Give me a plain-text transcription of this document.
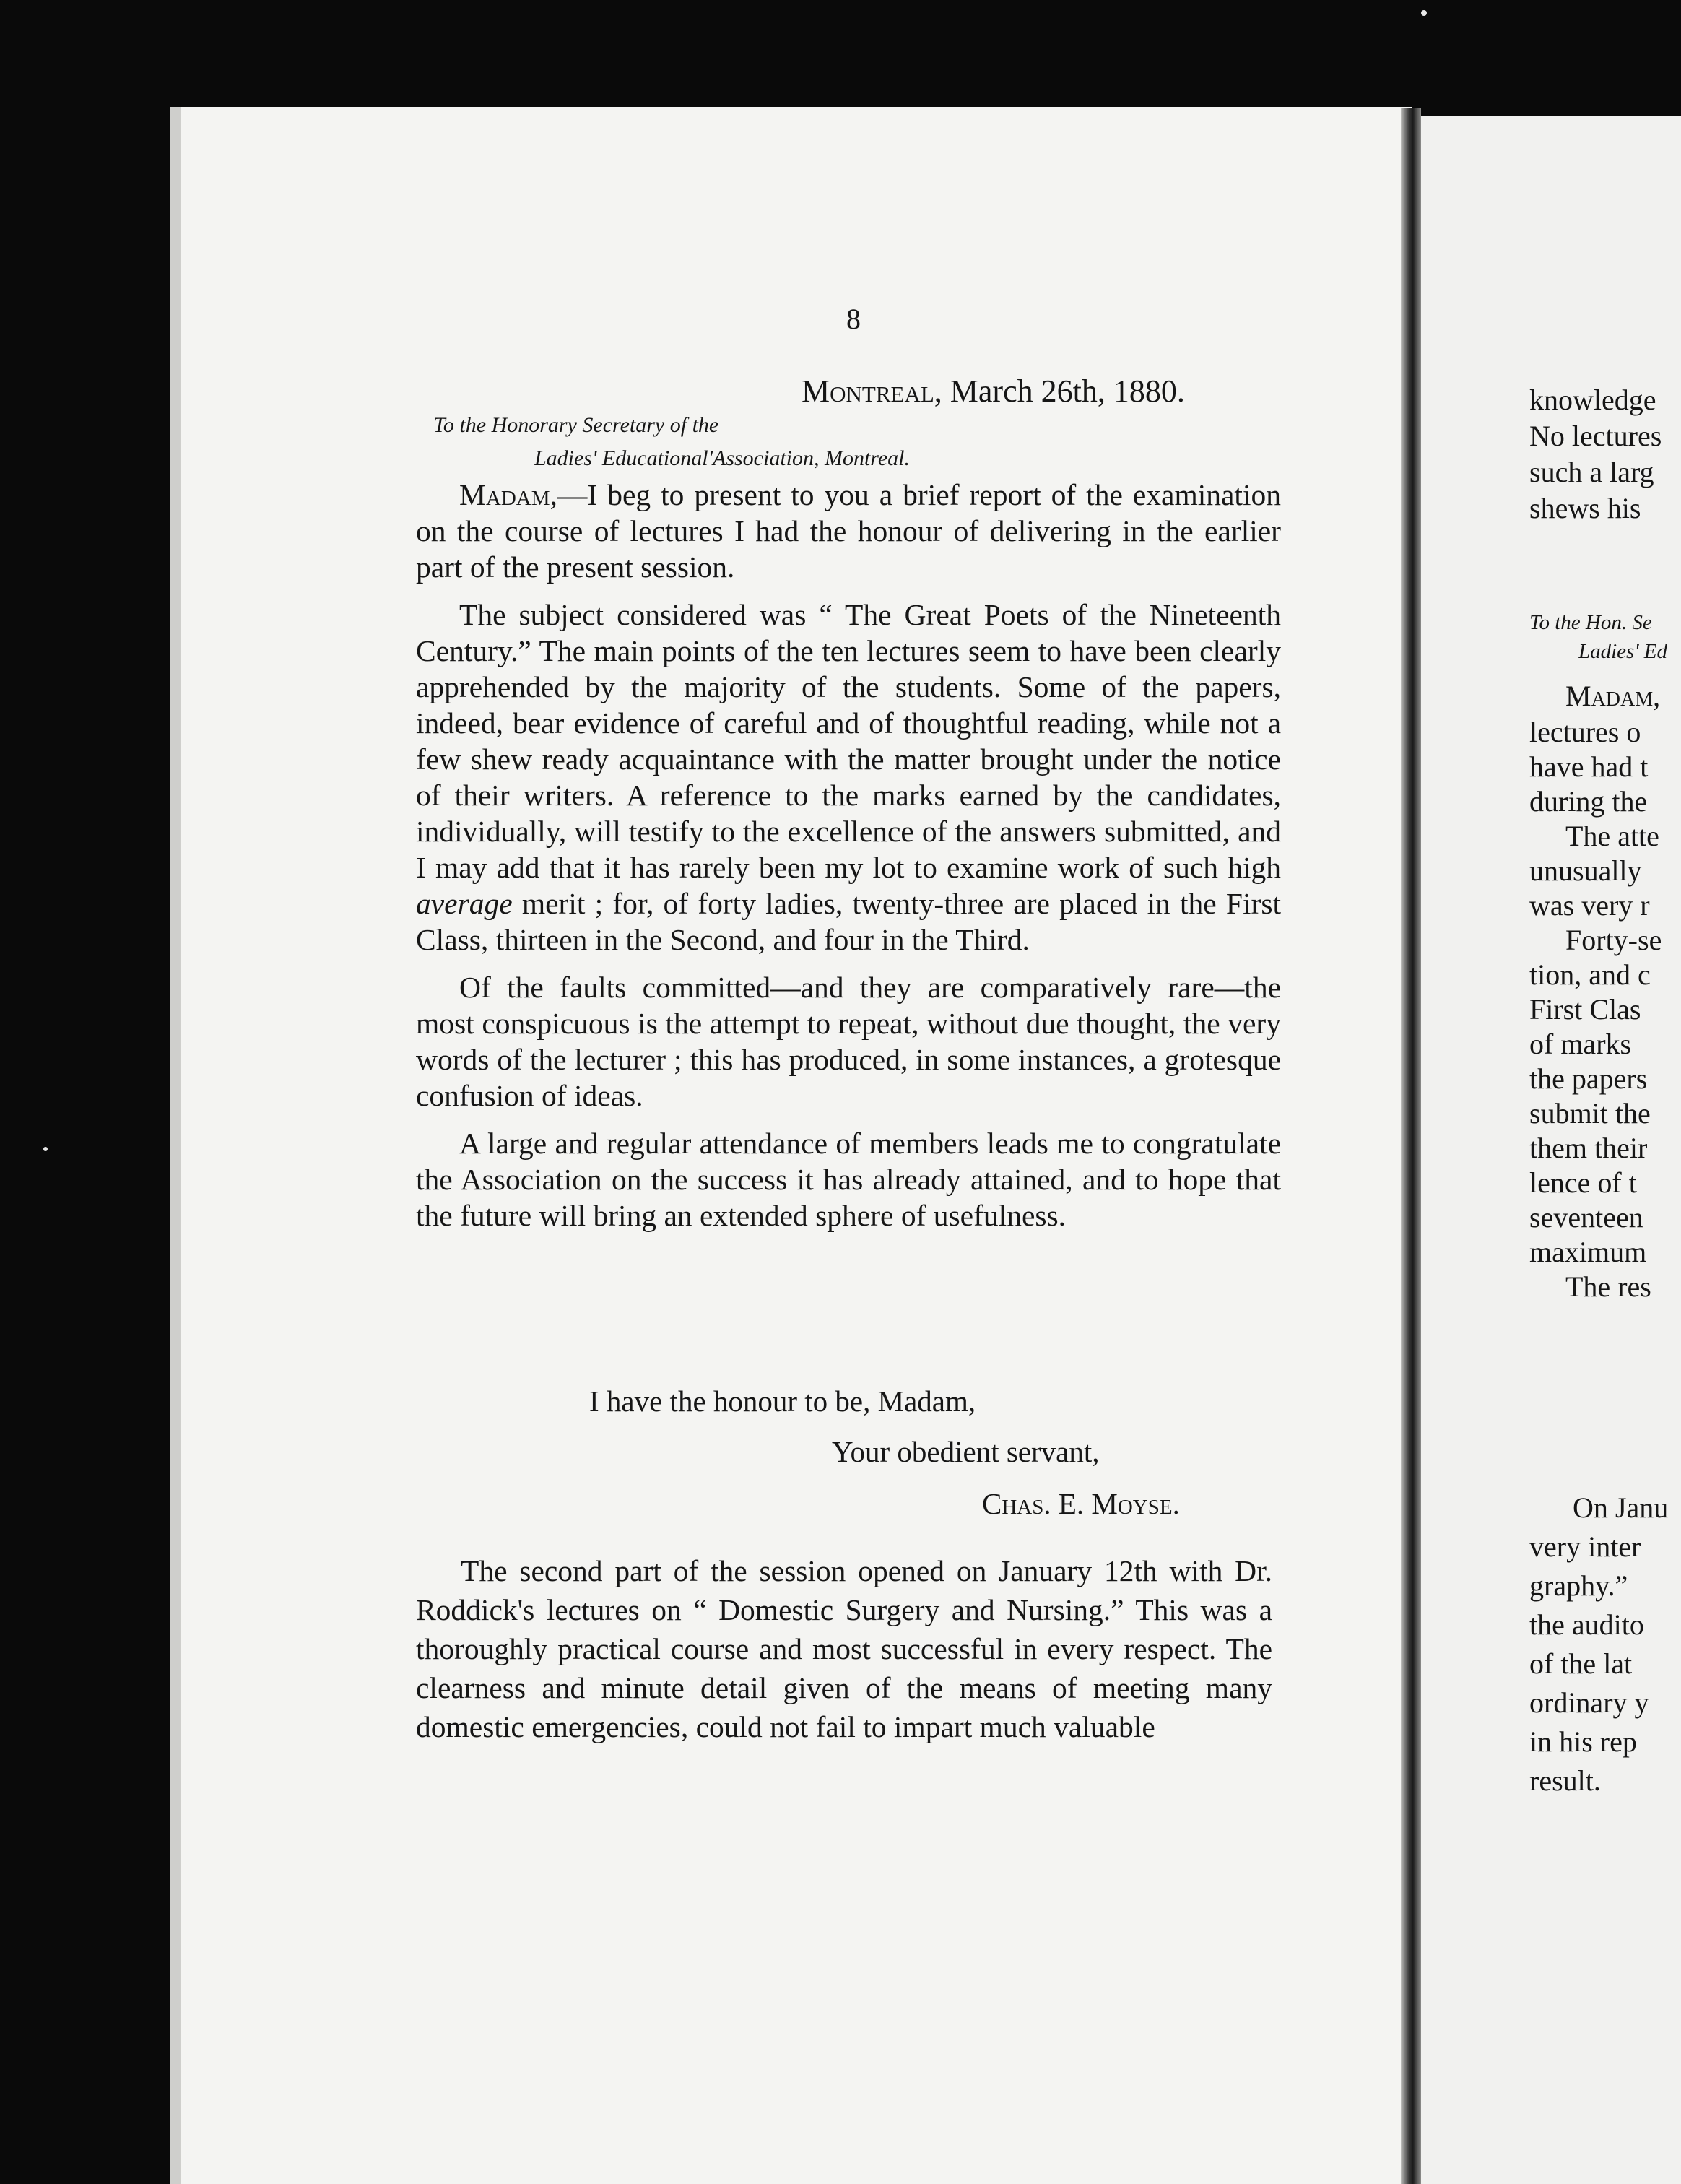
knowledge
No lectures
such a larg
shews his
To the Hon. Se
Ladies' Ed
Madam,
lectures o
have had t
during the
The atte
unusually
was very r
Forty-se
tion, and c
First Clas
of marks
the papers
submit the
them their
lence of t
seventeen
maximum
The res
On Janu
very inter
graphy.”
the audito
of the lat
ordinary y
in his rep
result.
8
Montreal, March 26th, 1880.
To the Honorary Secretary of the
Ladies' Educational'Association, Montreal.

Madam,—I beg to present to you a brief report of the examination on the course of lectures I had the honour of delivering in the earlier part of the present session.

The subject considered was “ The Great Poets of the Nineteenth Century.” The main points of the ten lectures seem to have been clearly apprehended by the majority of the students. Some of the papers, indeed, bear evidence of careful and of thoughtful reading, while not a few shew ready acquaintance with the matter brought under the notice of their writers. A reference to the marks earned by the candidates, individually, will testify to the excellence of the answers submitted, and I may add that it has rarely been my lot to examine work of such high average merit ; for, of forty ladies, twenty-three are placed in the First Class, thirteen in the Second, and four in the Third.

Of the faults committed—and they are comparatively rare—the most conspicuous is the attempt to repeat, without due thought, the very words of the lecturer ; this has produced, in some instances, a grotesque confusion of ideas.

A large and regular attendance of members leads me to congratulate the Association on the success it has already attained, and to hope that the future will bring an extended sphere of usefulness.

I have the honour to be, Madam,
Your obedient servant,
Chas. E. Moyse.

The second part of the session opened on January 12th with Dr. Roddick's lectures on “ Domestic Surgery and Nursing.” This was a thoroughly practical course and most successful in every respect. The clearness and minute detail given of the means of meeting many domestic emergencies, could not fail to impart much valuable
